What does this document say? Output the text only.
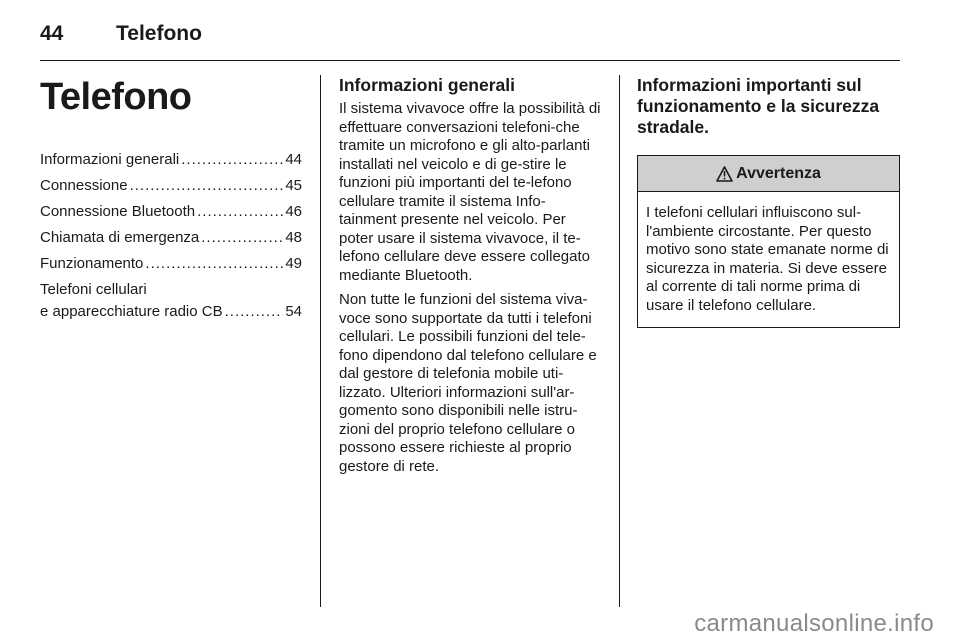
44	Telefono
Telefono
Informazioni generali .....	44
Connessione .....	45
Connessione Bluetooth .....	46
Chiamata di emergenza .....	48
Funzionamento .....	49
Telefoni cellulari
e apparecchiature radio CB .....	54
Informazioni generali

Il sistema vivavoce offre la possibilità di effettuare conversazioni telefoni-che tramite un microfono e gli alto-parlanti installati nel veicolo e di ge-stire le funzioni più importanti del te-lefono cellulare tramite il sistema Info-tainment presente nel veicolo. Per poter usare il sistema vivavoce, il te-lefono cellulare deve essere collegato mediante Bluetooth.

Non tutte le funzioni del sistema viva-voce sono supportate da tutti i telefoni cellulari. Le possibili funzioni del tele-fono dipendono dal telefono cellulare e dal gestore di telefonia mobile uti-lizzato. Ulteriori informazioni sull'ar-gomento sono disponibili nelle istru-zioni del proprio telefono cellulare o possono essere richieste al proprio gestore di rete.

Informazioni importanti sul funzionamento e la sicurezza stradale.
Avvertenza

I telefoni cellulari influiscono sul-l'ambiente circostante. Per questo motivo sono state emanate norme di sicurezza in materia. Si deve essere al corrente di tali norme prima di usare il telefono cellulare.

carmanualsonline.info
